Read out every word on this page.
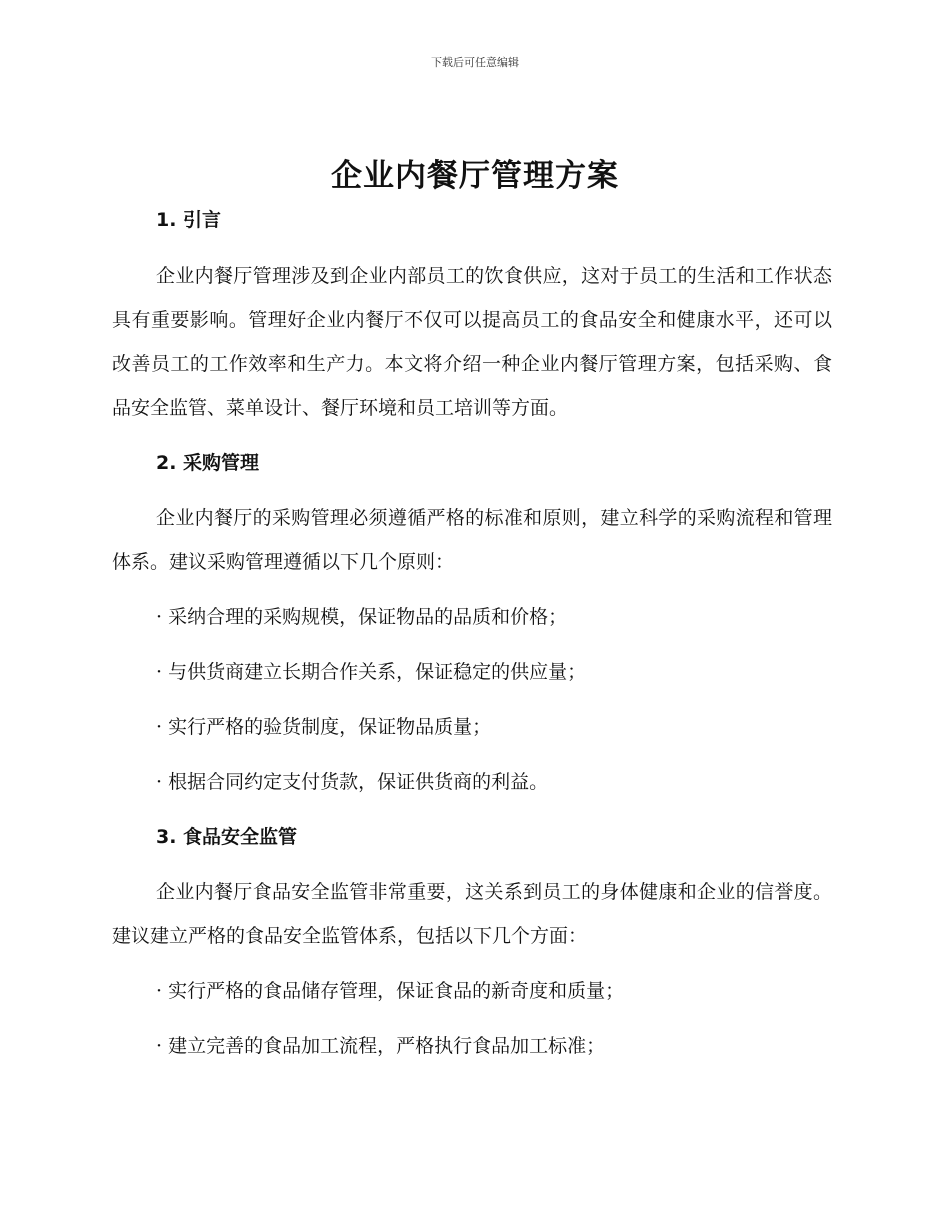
下载后可任意编辑
企业内餐厅管理方案

1. 引言

企业内餐厅管理涉及到企业内部员工的饮食供应，这对于员工的生活和工作状态具有重要影响。管理好企业内餐厅不仅可以提高员工的食品安全和健康水平，还可以改善员工的工作效率和生产力。本文将介绍一种企业内餐厅管理方案，包括采购、食品安全监管、菜单设计、餐厅环境和员工培训等方面。

2. 采购管理

企业内餐厅的采购管理必须遵循严格的标准和原则，建立科学的采购流程和管理体系。建议采购管理遵循以下几个原则：

· 采纳合理的采购规模，保证物品的品质和价格；

· 与供货商建立长期合作关系，保证稳定的供应量；

· 实行严格的验货制度，保证物品质量；

· 根据合同约定支付货款，保证供货商的利益。

3. 食品安全监管

企业内餐厅食品安全监管非常重要，这关系到员工的身体健康和企业的信誉度。建议建立严格的食品安全监管体系，包括以下几个方面：

· 实行严格的食品储存管理，保证食品的新奇度和质量；

· 建立完善的食品加工流程，严格执行食品加工标准；
